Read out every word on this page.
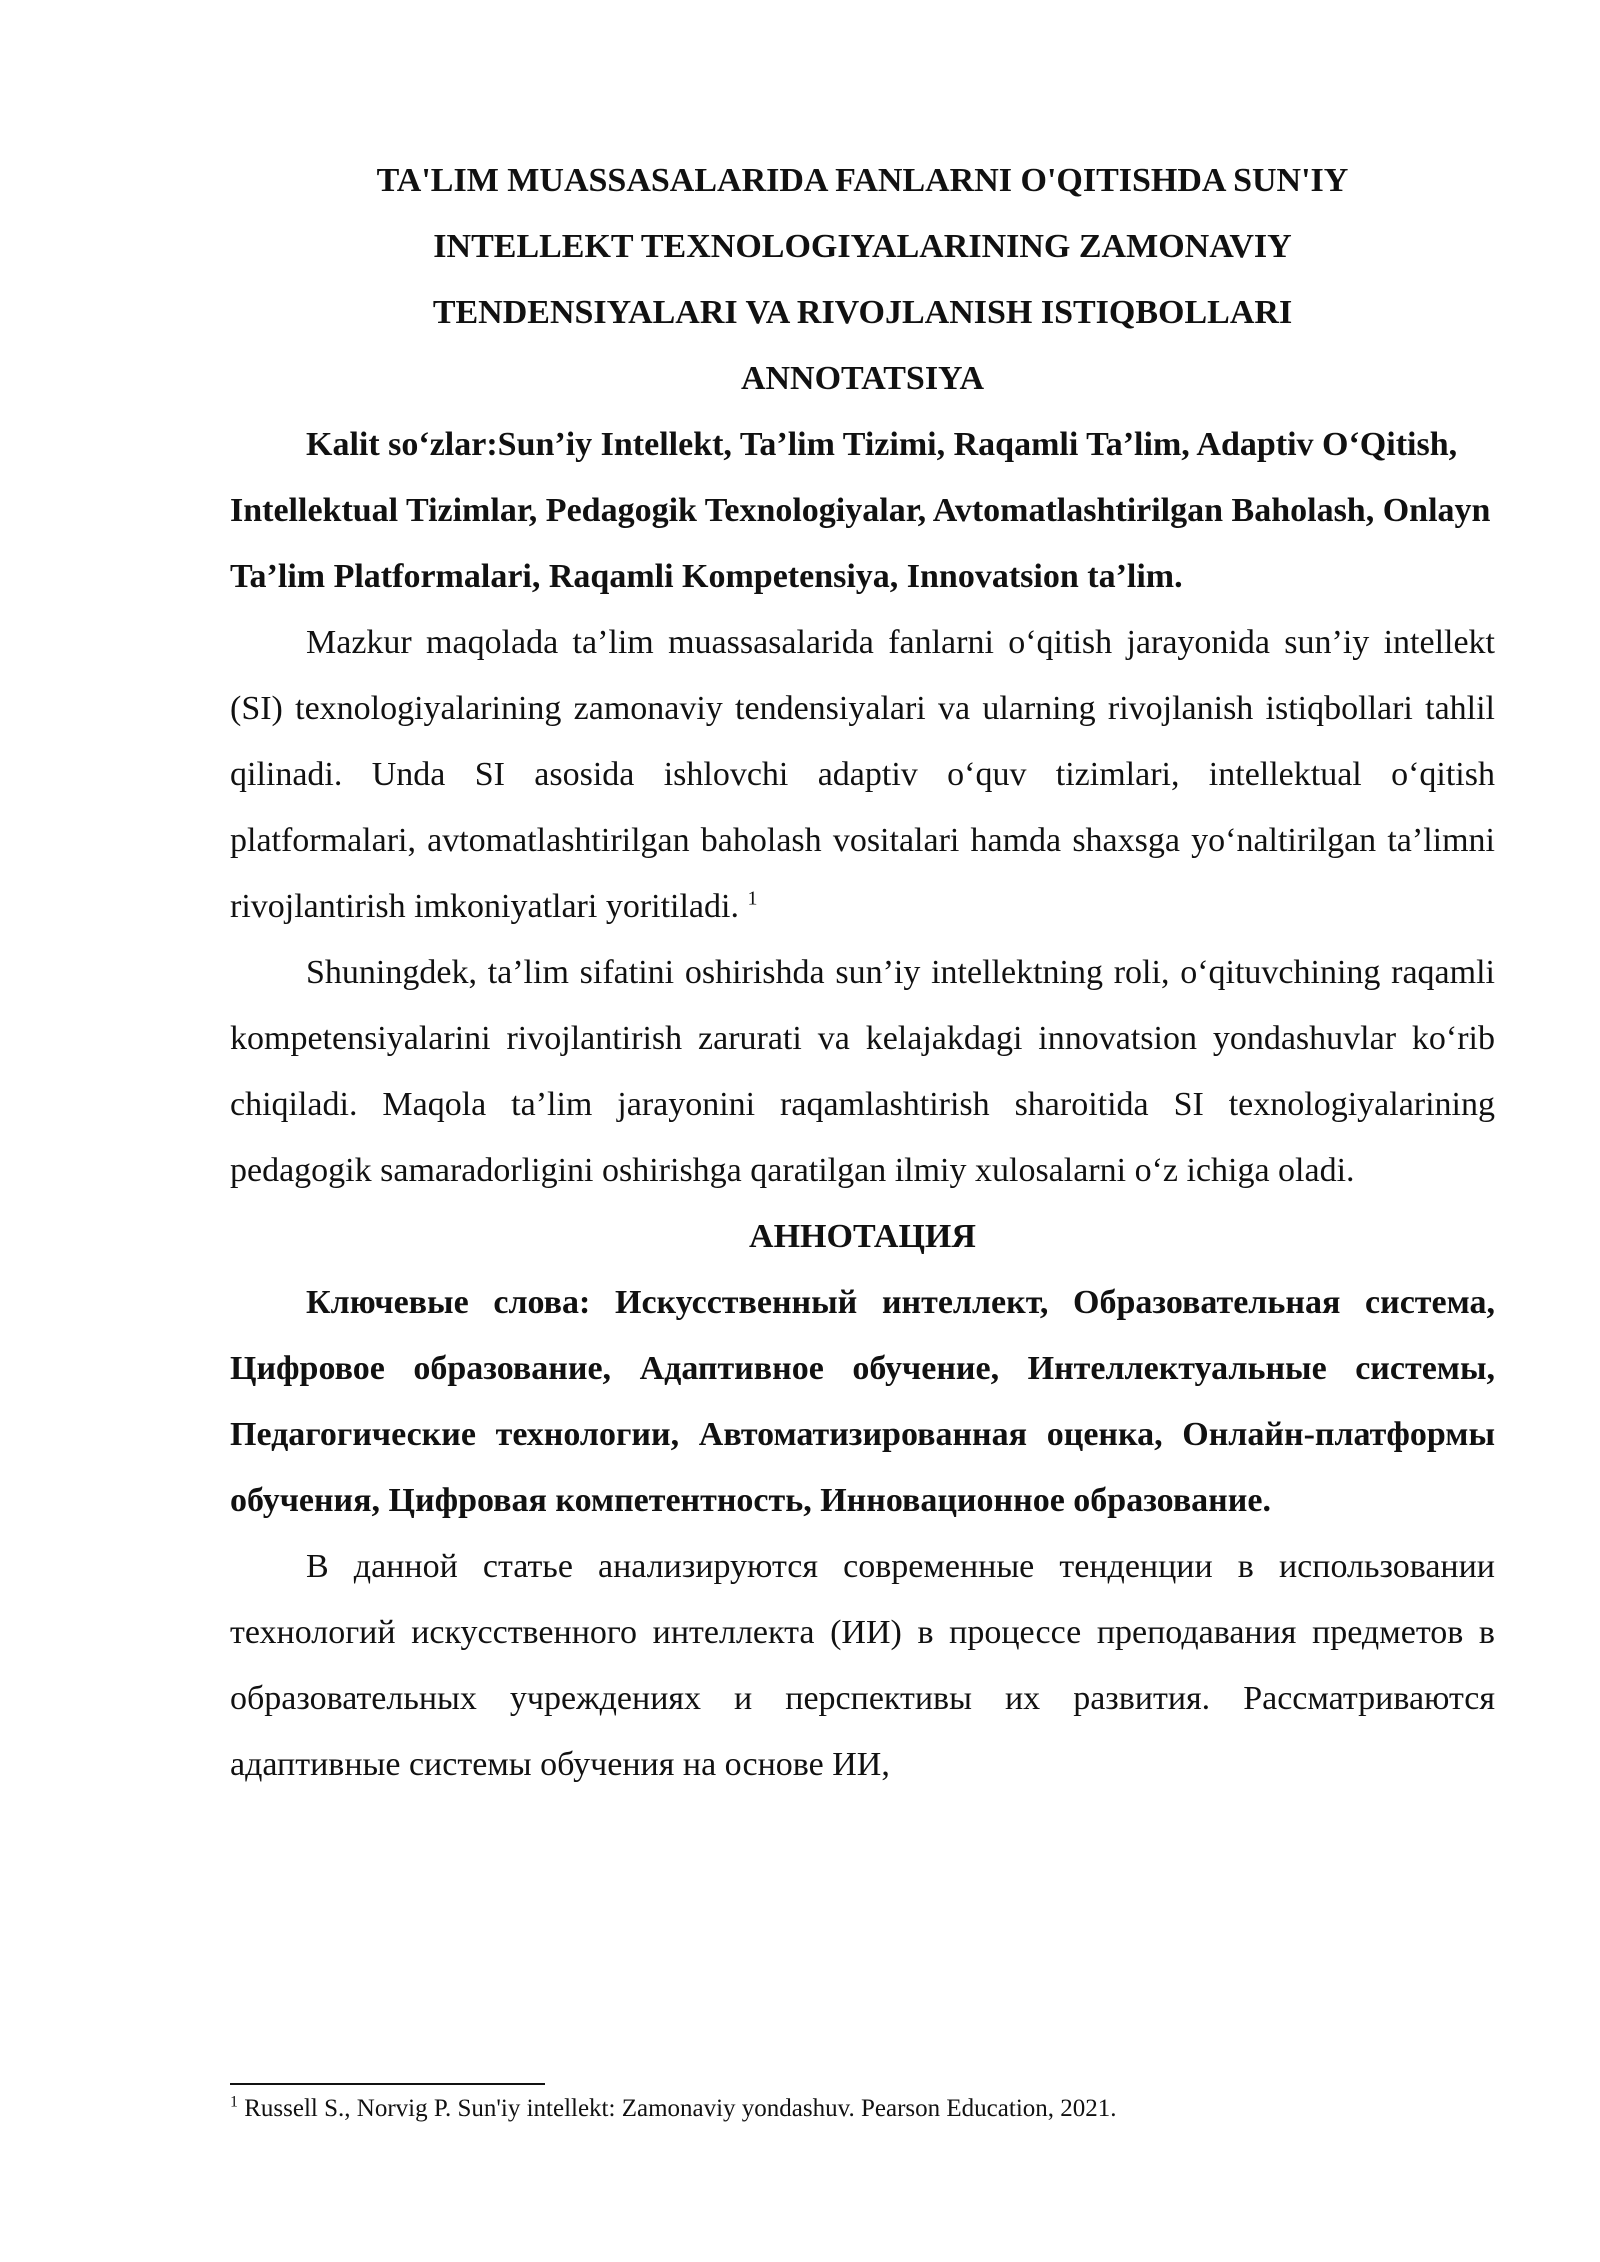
TA'LIM MUASSASALARIDA FANLARNI O'QITISHDA SUN'IY
INTELLEKT TEXNOLOGIYALARINING ZAMONAVIY
TENDENSIYALARI VA RIVOJLANISH ISTIQBOLLARI
ANNOTATSIYA

Kalit so‘zlar:Sun’iy Intellekt, Ta’lim Tizimi, Raqamli Ta’lim, Adaptiv O‘Qitish, Intellektual Tizimlar, Pedagogik Texnologiyalar, Avtomatlashtirilgan Baholash, Onlayn Ta’lim Platformalari, Raqamli Kompetensiya, Innovatsion ta’lim.

Mazkur maqolada ta’lim muassasalarida fanlarni o‘qitish jarayonida sun’iy intellekt (SI) texnologiyalarining zamonaviy tendensiyalari va ularning rivojlanish istiqbollari tahlil qilinadi. Unda SI asosida ishlovchi adaptiv o‘quv tizimlari, intellektual o‘qitish platformalari, avtomatlashtirilgan baholash vositalari hamda shaxsga yo‘naltirilgan ta’limni rivojlantirish imkoniyatlari yoritiladi. $^1$

Shuningdek, ta’lim sifatini oshirishda sun’iy intellektning roli, o‘qituvchining raqamli kompetensiyalarini rivojlantirish zarurati va kelajakdagi innovatsion yondashuvlar ko‘rib chiqiladi. Maqola ta’lim jarayonini raqamlashtirish sharoitida SI texnologiyalarining pedagogik samaradorligini oshirishga qaratilgan ilmiy xulosalarni o‘z ichiga oladi.

АННОТАЦИЯ

Ключевые слова: Искусственный интеллект, Образовательная система, Цифровое образование, Адаптивное обучение, Интеллектуальные системы, Педагогические технологии, Автоматизированная оценка, Онлайн-платформы обучения, Цифровая компетентность, Инновационное образование.

В данной статье анализируются современные тенденции в использовании технологий искусственного интеллекта (ИИ) в процессе преподавания предметов в образовательных учреждениях и перспективы их развития. Рассматриваются адаптивные системы обучения на основе ИИ,

$^1$ Russell S., Norvig P. Sun'iy intellekt: Zamonaviy yondashuv. Pearson Education, 2021.
